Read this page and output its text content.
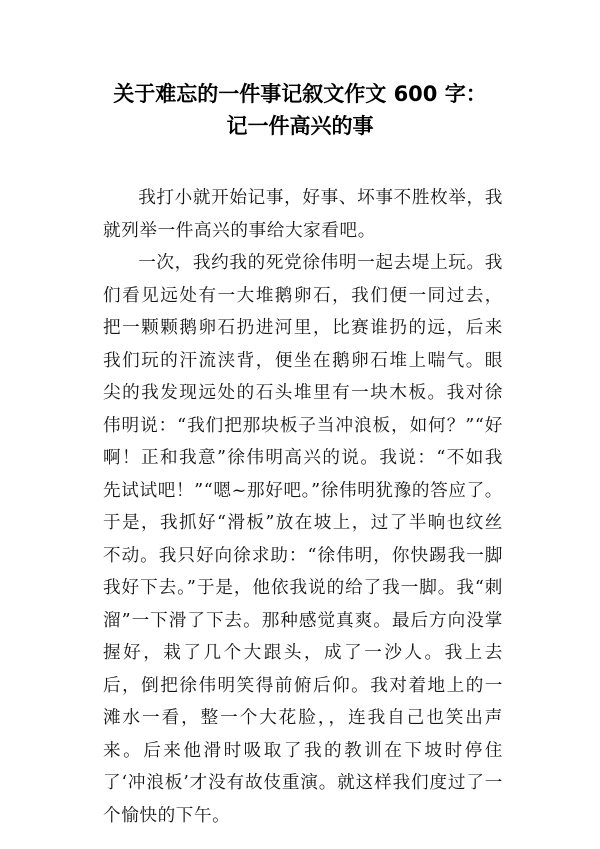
关于难忘的一件事记叙文作文 600 字：
记一件高兴的事

我打小就开始记事，好事、坏事不胜枚举，我就列举一件高兴的事给大家看吧。

一次，我约我的死党徐伟明一起去堤上玩。我们看见远处有一大堆鹅卵石，我们便一同过去，把一颗颗鹅卵石扔进河里，比赛谁扔的远，后来我们玩的汗流浃背，便坐在鹅卵石堆上喘气。眼尖的我发现远处的石头堆里有一块木板。我对徐伟明说：“我们把那块板子当冲浪板，如何？”“好啊！正和我意”徐伟明高兴的说。我说：“不如我先试试吧！”“嗯~那好吧。”徐伟明犹豫的答应了。于是，我抓好“滑板”放在坡上，过了半晌也纹丝不动。我只好向徐求助：“徐伟明，你快踢我一脚我好下去。”于是，他依我说的给了我一脚。我“刺溜”一下滑了下去。那种感觉真爽。最后方向没掌握好，栽了几个大跟头，成了一沙人。我上去后，倒把徐伟明笑得前俯后仰。我对着地上的一滩水一看，整一个大花脸，，连我自己也笑出声来。后来他滑时吸取了我的教训在下坡时停住了‘冲浪板’才没有故伎重演。就这样我们度过了一个愉快的下午。
